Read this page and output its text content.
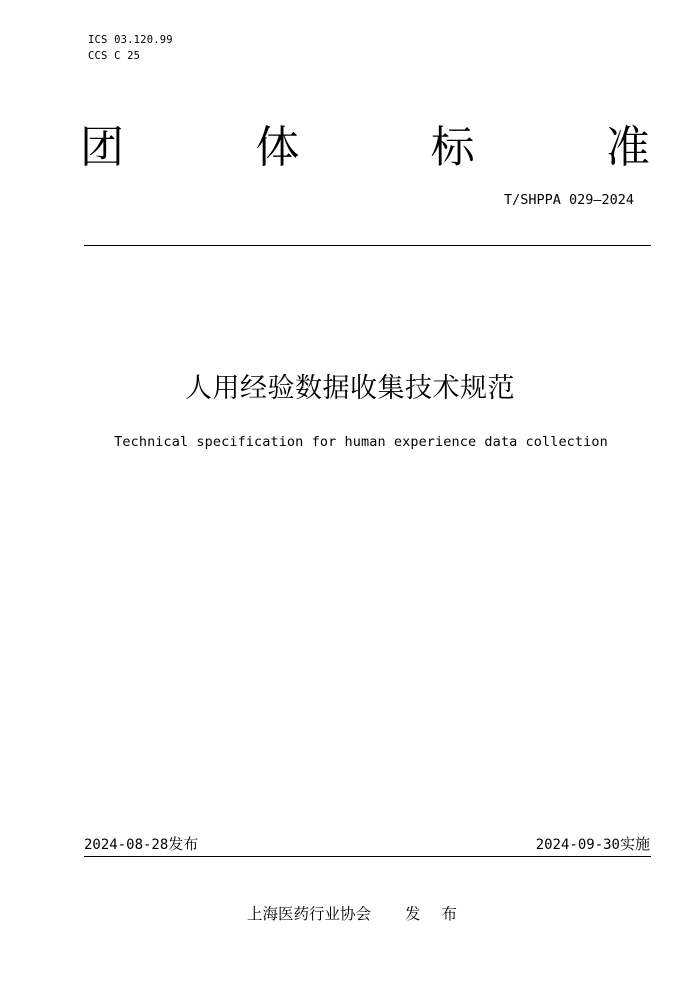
ICS 03.120.99
CCS C 25
团	体	标	准
T/SHPPA 029—2024
人用经验数据收集技术规范
Technical specification for human experience data collection
2024-08-28发布	2024-09-30实施
上海医药行业协会 发 布
